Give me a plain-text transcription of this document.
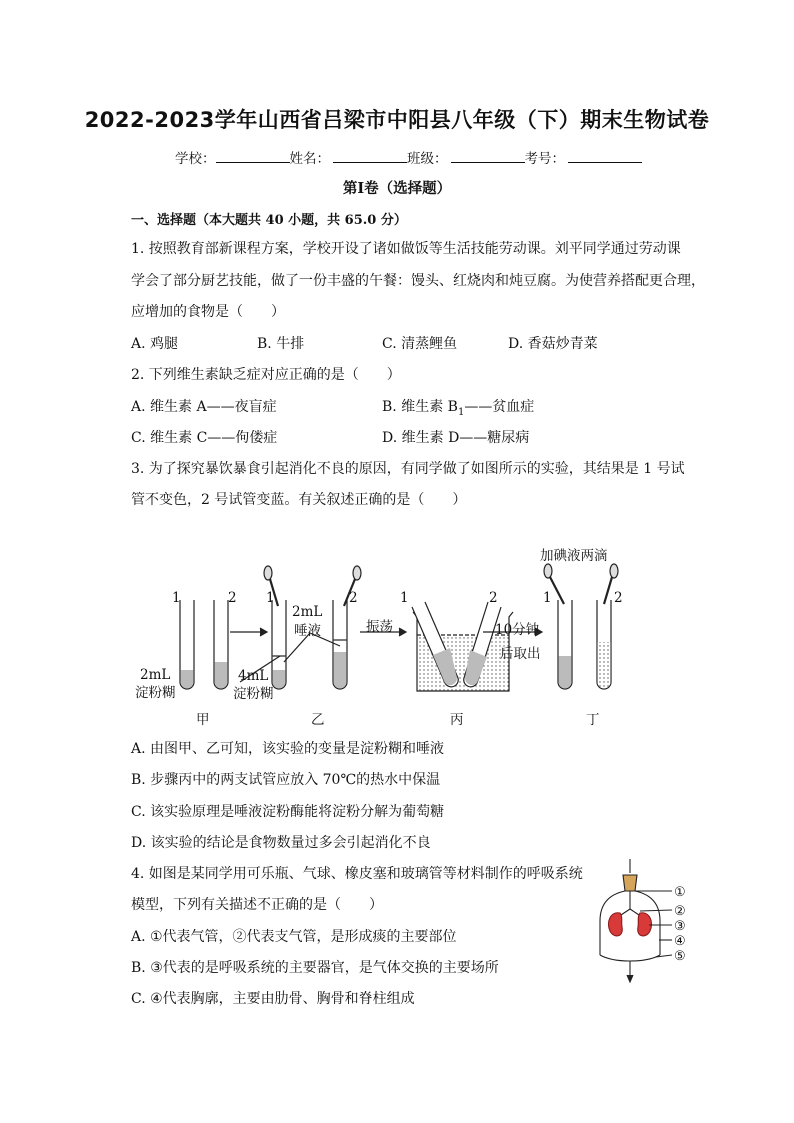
2022-2023学年山西省吕梁市中阳县八年级（下）期末生物试卷
学校：	姓名：	班级：	考号：
第Ⅰ卷（选择题）
一、选择题（本大题共 40 小题，共 65.0 分）
1. 按照教育部新课程方案，学校开设了诸如做饭等生活技能劳动课。刘平同学通过劳动课
学会了部分厨艺技能，做了一份丰盛的午餐：馒头、红烧肉和炖豆腐。为使营养搭配更合理，
应增加的食物是（　　）
A. 鸡腿	B. 牛排	C. 清蒸鲤鱼	D. 香菇炒青菜
2. 下列维生素缺乏症对应正确的是（　　）
A. 维生素 A——夜盲症	B. 维生素 $B_1——$贫血症
C. 维生素 C——佝偻症	D. 维生素 D——糖尿病
3. 为了探究暴饮暴食引起消化不良的原因，有同学做了如图所示的实验，其结果是 1 号试
管不变色，2 号试管变蓝。有关叙述正确的是（　　）
加碘液两滴
1	2 1	2
2mL
唾液	振荡
1	2
10分钟
后取出
1	2
2mL
淀粉糊
4mL
淀粉糊
甲	乙	丙	丁
A. 由图甲、乙可知，该实验的变量是淀粉糊和唾液
B. 步骤丙中的两支试管应放入 70℃的热水中保温
C. 该实验原理是唾液淀粉酶能将淀粉分解为葡萄糖
D. 该实验的结论是食物数量过多会引起消化不良
4. 如图是某同学用可乐瓶、气球、橡皮塞和玻璃管等材料制作的呼吸系统
模型，下列有关描述不正确的是（　　）
A. ①代表气管，②代表支气管，是形成痰的主要部位
B. ③代表的是呼吸系统的主要器官，是气体交换的主要场所
C. ④代表胸廓，主要由肋骨、胸骨和脊柱组成
①
②
③
④
⑤
